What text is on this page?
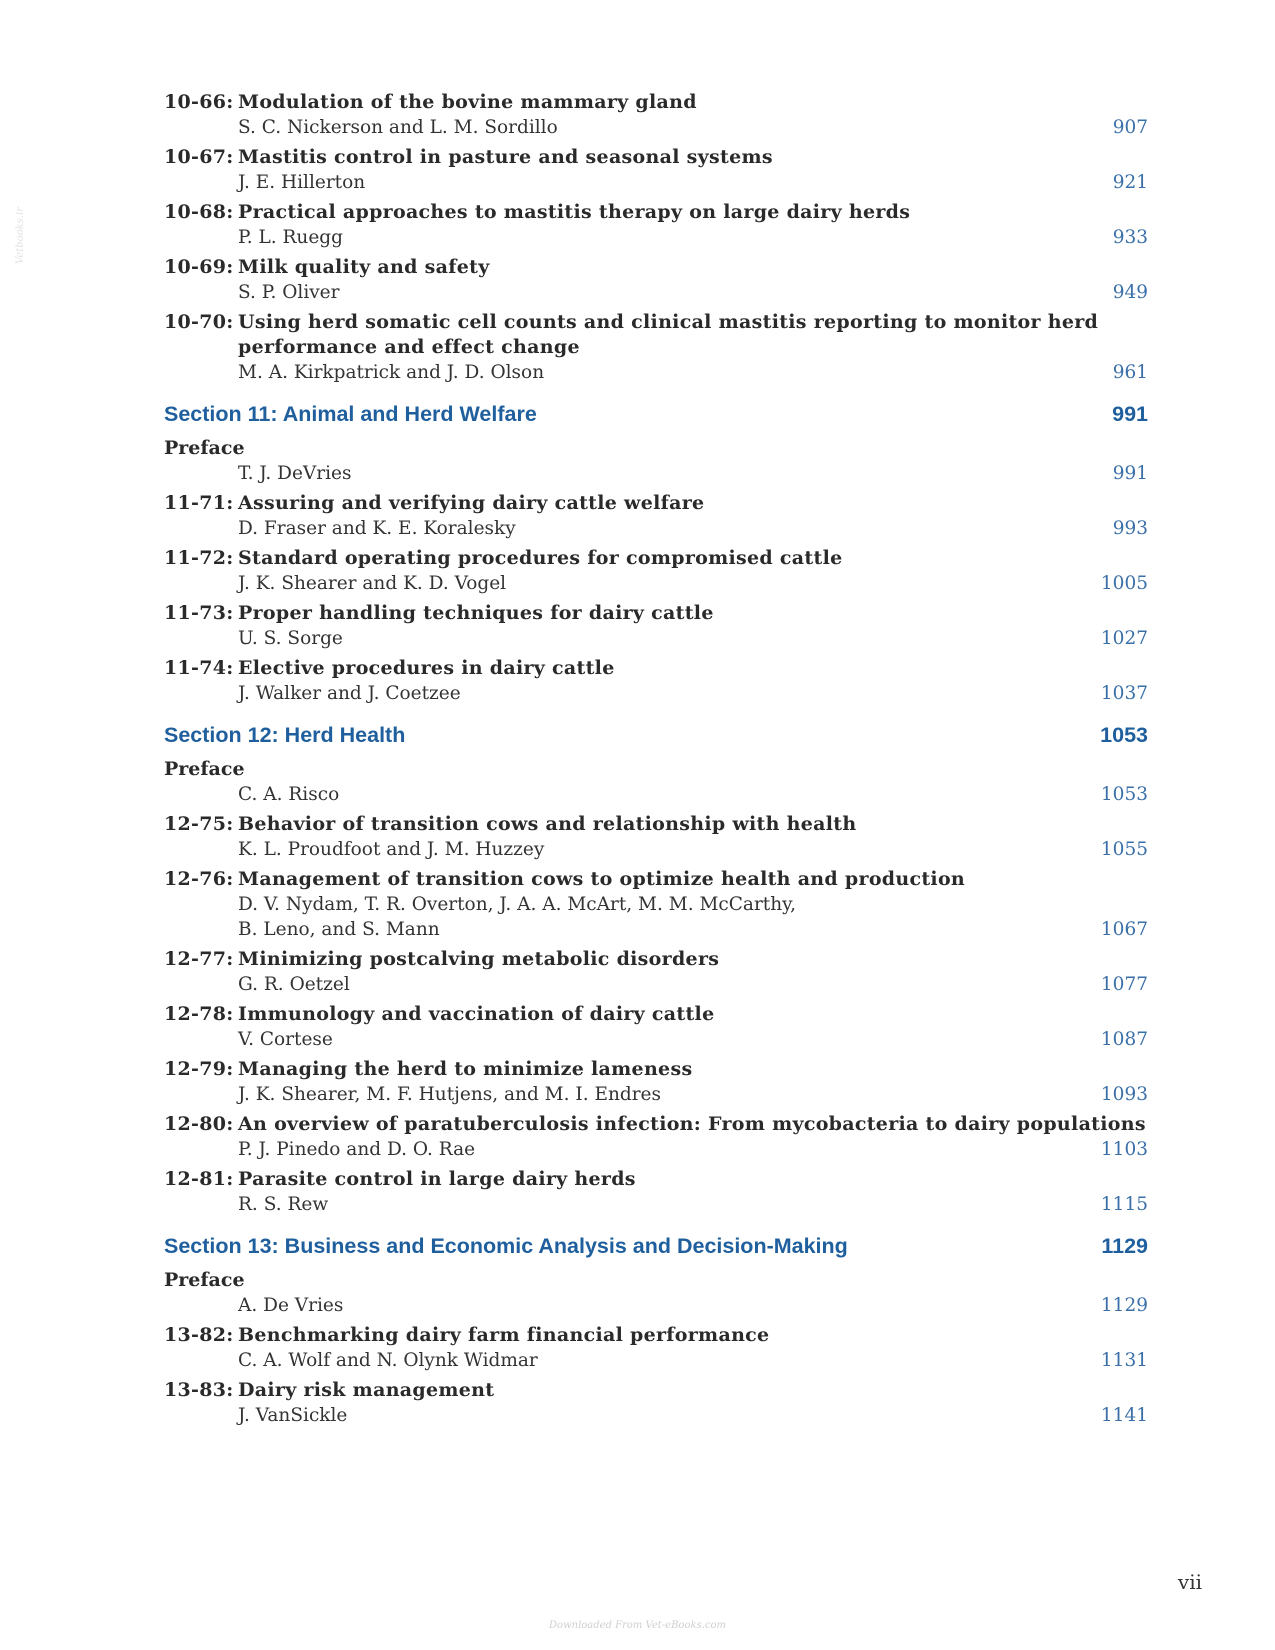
Vetbooks.ir
10-66: Modulation of the bovine mammary gland
S. C. Nickerson and L. M. Sordillo	907
10-67: Mastitis control in pasture and seasonal systems
J. E. Hillerton	921
10-68: Practical approaches to mastitis therapy on large dairy herds
P. L. Ruegg	933
10-69: Milk quality and safety
S. P. Oliver	949
10-70: Using herd somatic cell counts and clinical mastitis reporting to monitor herd performance and effect change
M. A. Kirkpatrick and J. D. Olson	961
Section 11: Animal and Herd Welfare	991
Preface
T. J. DeVries	991
11-71: Assuring and verifying dairy cattle welfare
D. Fraser and K. E. Koralesky	993
11-72: Standard operating procedures for compromised cattle
J. K. Shearer and K. D. Vogel	1005
11-73: Proper handling techniques for dairy cattle
U. S. Sorge	1027
11-74: Elective procedures in dairy cattle
J. Walker and J. Coetzee	1037
Section 12: Herd Health	1053
Preface
C. A. Risco	1053
12-75: Behavior of transition cows and relationship with health
K. L. Proudfoot and J. M. Huzzey	1055
12-76: Management of transition cows to optimize health and production
D. V. Nydam, T. R. Overton, J. A. A. McArt, M. M. McCarthy,
B. Leno, and S. Mann	1067
12-77: Minimizing postcalving metabolic disorders
G. R. Oetzel	1077
12-78: Immunology and vaccination of dairy cattle
V. Cortese	1087
12-79: Managing the herd to minimize lameness
J. K. Shearer, M. F. Hutjens, and M. I. Endres	1093
12-80: An overview of paratuberculosis infection: From mycobacteria to dairy populations
P. J. Pinedo and D. O. Rae	1103
12-81: Parasite control in large dairy herds
R. S. Rew	1115
Section 13: Business and Economic Analysis and Decision-Making	1129
Preface
A. De Vries	1129
13-82: Benchmarking dairy farm financial performance
C. A. Wolf and N. Olynk Widmar	1131
13-83: Dairy risk management
J. VanSickle	1141
vii
Downloaded From Vet-eBooks.com
